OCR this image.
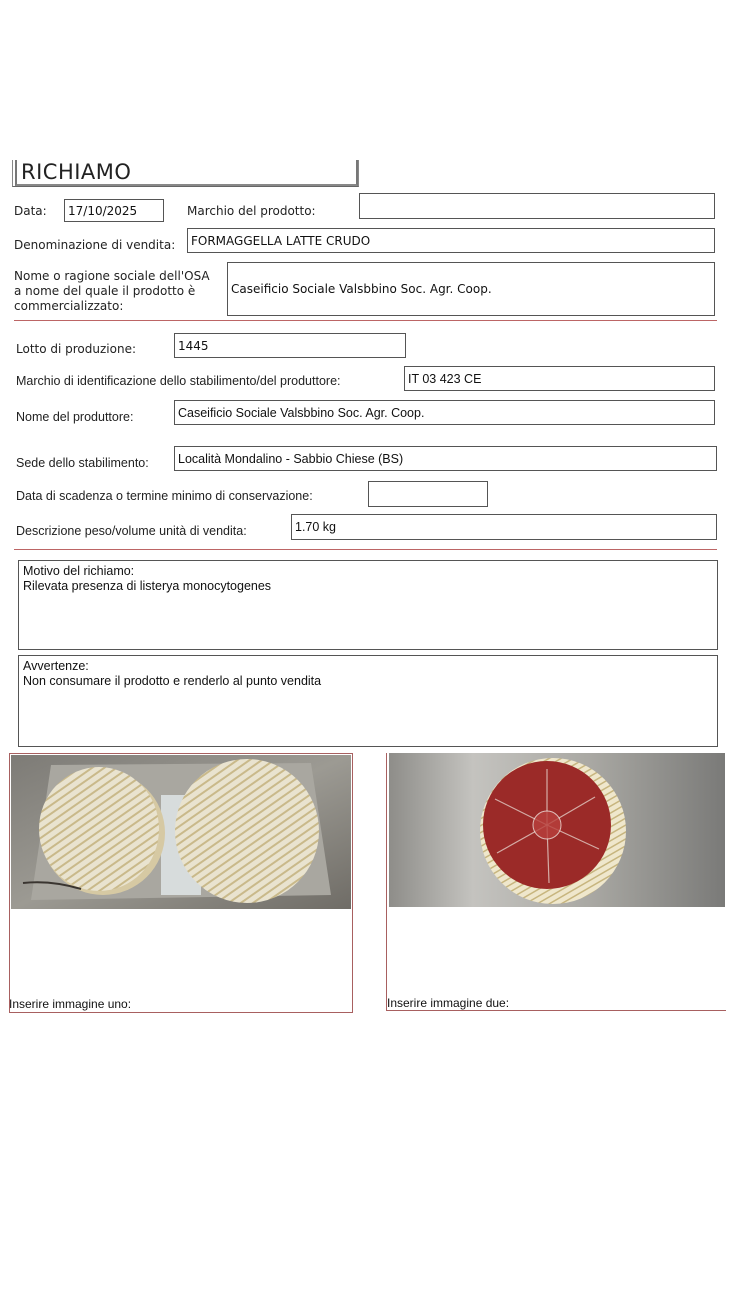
RICHIAMO
Data:	17/10/2025	Marchio del prodotto:
Denominazione di vendita:	FORMAGGELLA LATTE CRUDO
Nome o ragione sociale dell'OSA
a nome del quale il prodotto è
commercializzato:
Caseificio Sociale Valsbbino Soc. Agr. Coop.
Lotto di produzione:	1445
Marchio di identificazione dello stabilimento/del produttore:	IT 03 423 CE
Nome del produttore:	Caseificio Sociale Valsbbino Soc. Agr. Coop.
Sede dello stabilimento:	Località Mondalino - Sabbio Chiese (BS)
Data di scadenza o termine minimo di conservazione:
Descrizione peso/volume unità di vendita:	1.70 kg
Motivo del richiamo:
Rilevata presenza di listerya monocytogenes
Avvertenze:
Non consumare il prodotto e renderlo al punto vendita
Inserire immagine uno:	Inserire immagine due:
